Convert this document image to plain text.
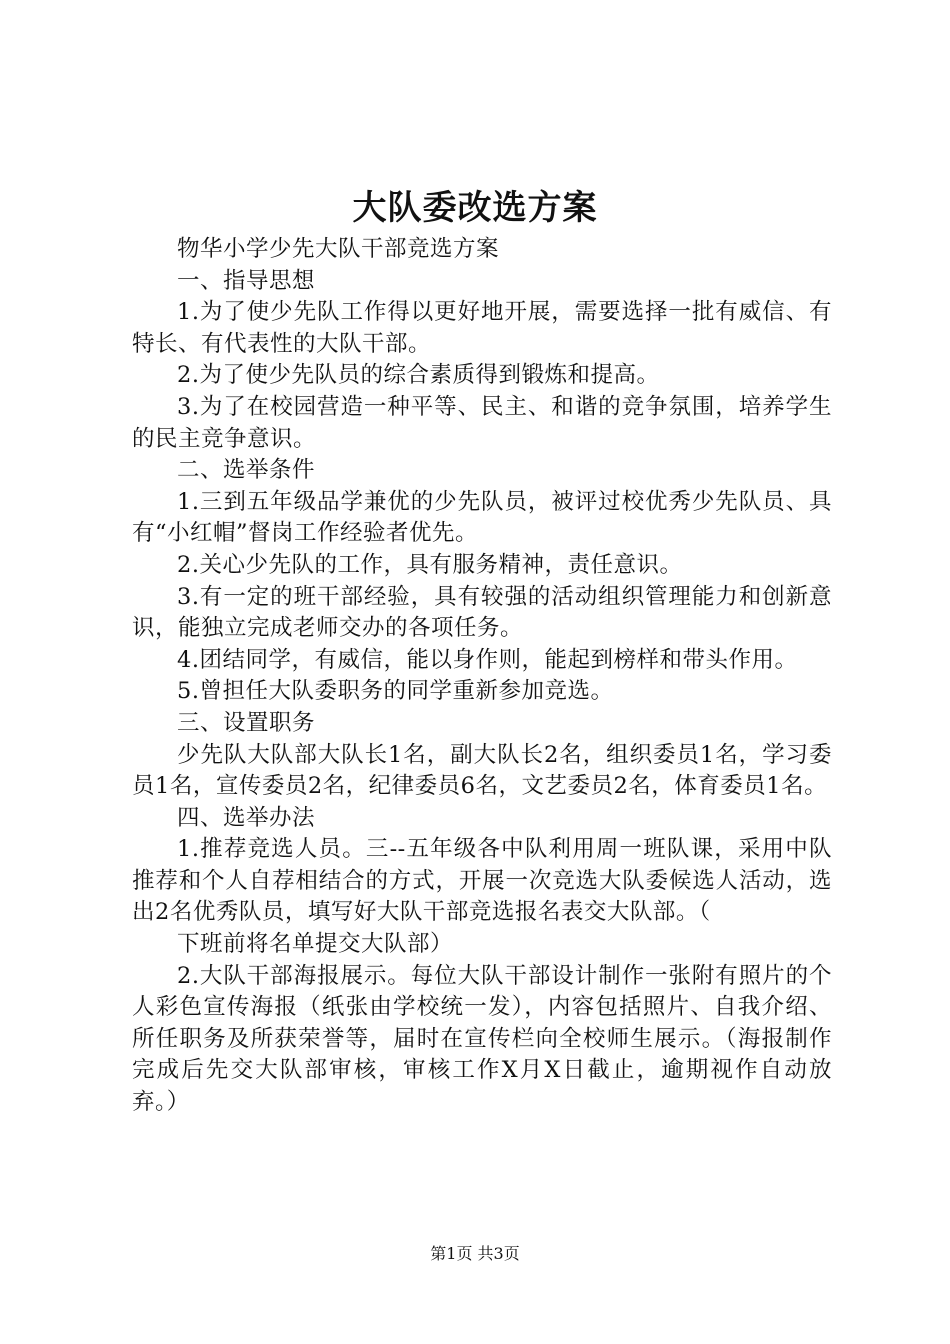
大队委改选方案

物华小学少先大队干部竞选方案

一、指导思想

1.为了使少先队工作得以更好地开展，需要选择一批有威信、有特长、有代表性的大队干部。

2.为了使少先队员的综合素质得到锻炼和提高。

3.为了在校园营造一种平等、民主、和谐的竞争氛围，培养学生的民主竞争意识。

二、选举条件

1.三到五年级品学兼优的少先队员，被评过校优秀少先队员、具有“小红帽”督岗工作经验者优先。

2.关心少先队的工作，具有服务精神，责任意识。

3.有一定的班干部经验，具有较强的活动组织管理能力和创新意识，能独立完成老师交办的各项任务。

4.团结同学，有威信，能以身作则，能起到榜样和带头作用。

5.曾担任大队委职务的同学重新参加竞选。

三、设置职务

少先队大队部大队长1名，副大队长2名，组织委员1名，学习委员1名，宣传委员2名，纪律委员6名，文艺委员2名，体育委员1名。

四、选举办法

1.推荐竞选人员。三--五年级各中队利用周一班队课，采用中队推荐和个人自荐相结合的方式，开展一次竞选大队委候选人活动，选出2名优秀队员，填写好大队干部竞选报名表交大队部。（

下班前将名单提交大队部）

2.大队干部海报展示。每位大队干部设计制作一张附有照片的个人彩色宣传海报（纸张由学校统一发），内容包括照片、自我介绍、所任职务及所获荣誉等，届时在宣传栏向全校师生展示。（海报制作完成后先交大队部审核，审核工作X月X日截止，逾期视作自动放弃。）

第1页 共3页
